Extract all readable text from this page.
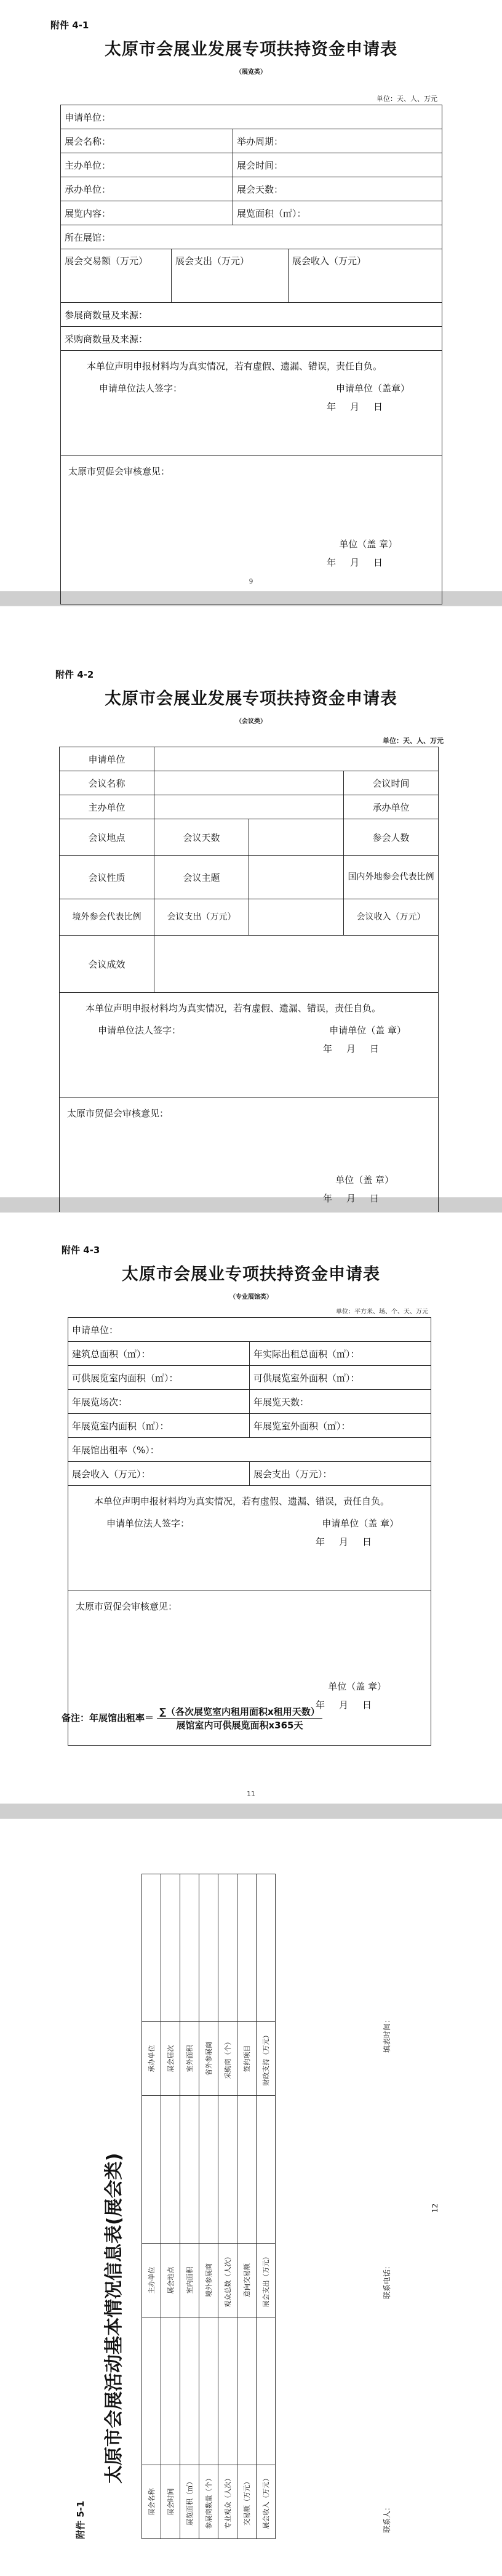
附件 4-1
太原市会展业发展专项扶持资金申请表
（展览类）
单位：天、人、万元
申请单位：			
展会名称：		举办周期：	
主办单位：		展会时间：	
承办单位：		展会天数：	
展览内容：		展览面积（㎡）：	
所在展馆：			
展会交易额（万元）	展会支出（万元）		展会收入（万元）
参展商数量及来源：			
采购商数量及来源：			

本单位声明申报材料均为真实情况，若有虚假、遗漏、错误，责任自负。
申请单位法人签字： 申请单位（盖章）
年　月　日			

太原市贸促会审核意见：
单位（盖 章）
年　月　日			
9
附件 4-2
太原市会展业发展专项扶持资金申请表
（会议类）
单位：天、人、万元
申请单位			
会议名称			会议时间
主办单位			承办单位
会议地点	会议天数		参会人数
会议性质	会议主题		国内外地参会代表比例
境外参会代表比例	会议支出（万元）		会议收入（万元）
会议成效			

本单位声明申报材料均为真实情况，若有虚假、遗漏、错误，责任自负。
申请单位法人签字： 申请单位（盖 章）
年　月　日			

太原市贸促会审核意见：
单位（盖 章）
年　月　日			
附件 4-3
太原市会展业专项扶持资金申请表
（专业展馆类）
单位：平方米、场、个、天、万元
申请单位：	
建筑总面积（㎡）：	年实际出租总面积（㎡）：
可供展览室内面积（㎡）：	可供展览室外面积（㎡）：
年展览场次：	年展览天数：
年展览室内面积（㎡）：	年展览室外面积（㎡）：
年展馆出租率（%）：	
展会收入（万元）：	展会支出（万元）：

本单位声明申报材料均为真实情况，若有虚假、遗漏、错误，责任自负。
申请单位法人签字： 申请单位（盖 章）
年　月　日	

太原市贸促会审核意见：
单位（盖 章）
年　月　日	
备注：年展馆出租率＝ $\frac{\text{∑（各次展览室内租用面积x租用天数）}}{\text{展馆室内可供展览面积x365天}}$
11
附件 5-1
太原市会展活动基本情况信息表(展会类)
展会名称		主办单位		承办单位	
展会时间		展会地点		展会届次	
展览面积（㎡）		室内面积		室外面积	
参展商数量（个）		境外参展商		省外参展商	
专业观众（人次）		观众总数（人次）		采购商（个）	
交易额（万元）		意向交易额		签约项目	
展会收入（万元）		展会支出（万元）		财政支持（万元）	
联系人：
联系电话：
填表时间：
12
